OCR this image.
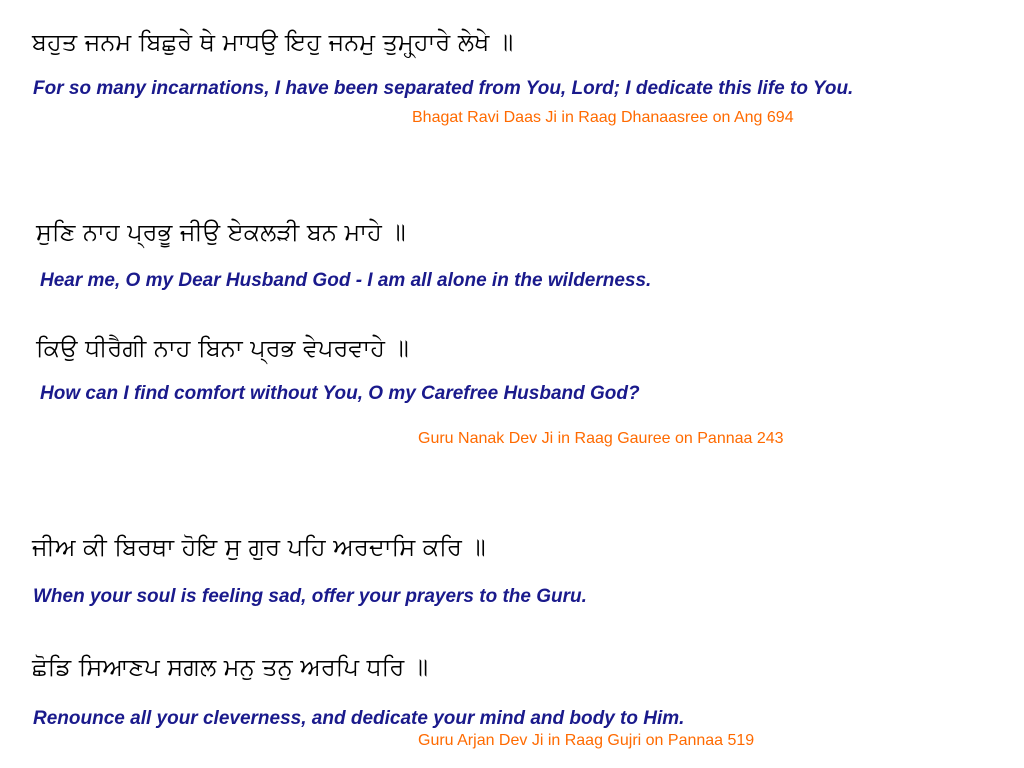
ਬਹੁਤ ਜਨਮ ਬਿਛੁਰੇ ਥੇ ਮਾਧਉ ਇਹੁ ਜਨਮੁ ਤੁਮ੍ਹ੍ਹਾਰੇ ਲੇਖੇ ॥
For so many incarnations, I have been separated from You, Lord; I dedicate this life to You.
Bhagat Ravi Daas Ji in Raag Dhanaasree on Ang 694
ਸੁਣਿ ਨਾਹ ਪ੍ਰਭੂ ਜੀਉ ਏਕਲੜੀ ਬਨ ਮਾਹੇ ॥
Hear me, O my Dear Husband God - I am all alone in the wilderness.
ਕਿਉ ਧੀਰੈਗੀ ਨਾਹ ਬਿਨਾ ਪ੍ਰਭ ਵੇਪਰਵਾਹੇ ॥
How can I find comfort without You, O my Carefree Husband God?
Guru Nanak Dev Ji in Raag Gauree on Pannaa 243
ਜੀਅ ਕੀ ਬਿਰਥਾ ਹੋਇ ਸੁ ਗੁਰ ਪਹਿ ਅਰਦਾਸਿ ਕਰਿ ॥
When your soul is feeling sad, offer your prayers to the Guru.
ਛੋਡਿ ਸਿਆਣਪ ਸਗਲ ਮਨੁ ਤਨੁ ਅਰਪਿ ਧਰਿ ॥
Renounce all your cleverness, and dedicate your mind and body to Him.
Guru Arjan Dev Ji in Raag Gujri on Pannaa 519
